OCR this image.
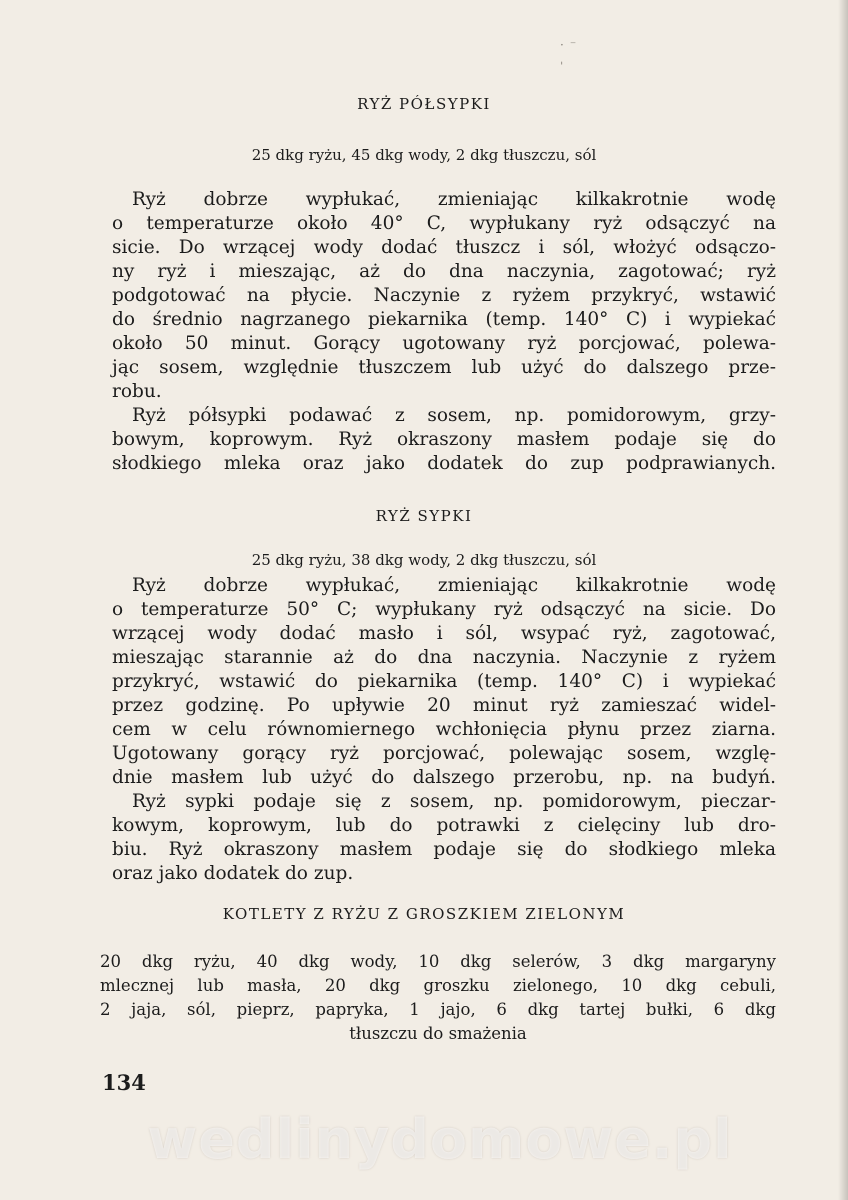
·⁻ ˌ
RYŻ PÓŁSYPKI

25 dkg ryżu, 45 dkg wody, 2 dkg tłuszczu, sól

Ryż dobrze wypłukać, zmieniając kilkakrotnie wodę

o temperaturze około 40° C, wypłukany ryż odsączyć na

sicie. Do wrzącej wody dodać tłuszcz i sól, włożyć odsączo-

ny ryż i mieszając, aż do dna naczynia, zagotować; ryż

podgotować na płycie. Naczynie z ryżem przykryć, wstawić

do średnio nagrzanego piekarnika (temp. 140° C) i wypiekać

około 50 minut. Gorący ugotowany ryż porcjować, polewa-

jąc sosem, względnie tłuszczem lub użyć do dalszego prze-

robu.

Ryż półsypki podawać z sosem, np. pomidorowym, grzy-

bowym, koprowym. Ryż okraszony masłem podaje się do

słodkiego mleka oraz jako dodatek do zup podprawianych.

RYŻ SYPKI

25 dkg ryżu, 38 dkg wody, 2 dkg tłuszczu, sól

Ryż dobrze wypłukać, zmieniając kilkakrotnie wodę

o temperaturze 50° C; wypłukany ryż odsączyć na sicie. Do

wrzącej wody dodać masło i sól, wsypać ryż, zagotować,

mieszając starannie aż do dna naczynia. Naczynie z ryżem

przykryć, wstawić do piekarnika (temp. 140° C) i wypiekać

przez godzinę. Po upływie 20 minut ryż zamieszać widel-

cem w celu równomiernego wchłonięcia płynu przez ziarna.

Ugotowany gorący ryż porcjować, polewając sosem, wzglę-

dnie masłem lub użyć do dalszego przerobu, np. na budyń.

Ryż sypki podaje się z sosem, np. pomidorowym, pieczar-

kowym, koprowym, lub do potrawki z cielęciny lub dro-

biu. Ryż okraszony masłem podaje się do słodkiego mleka

oraz jako dodatek do zup.

KOTLETY Z RYŻU Z GROSZKIEM ZIELONYM

20 dkg ryżu, 40 dkg wody, 10 dkg selerów, 3 dkg margaryny

mlecznej lub masła, 20 dkg groszku zielonego, 10 dkg cebuli,

2 jaja, sól, pieprz, papryka, 1 jajo, 6 dkg tartej bułki, 6 dkg

tłuszczu do smażenia

134
wedlinydomowe.pl
